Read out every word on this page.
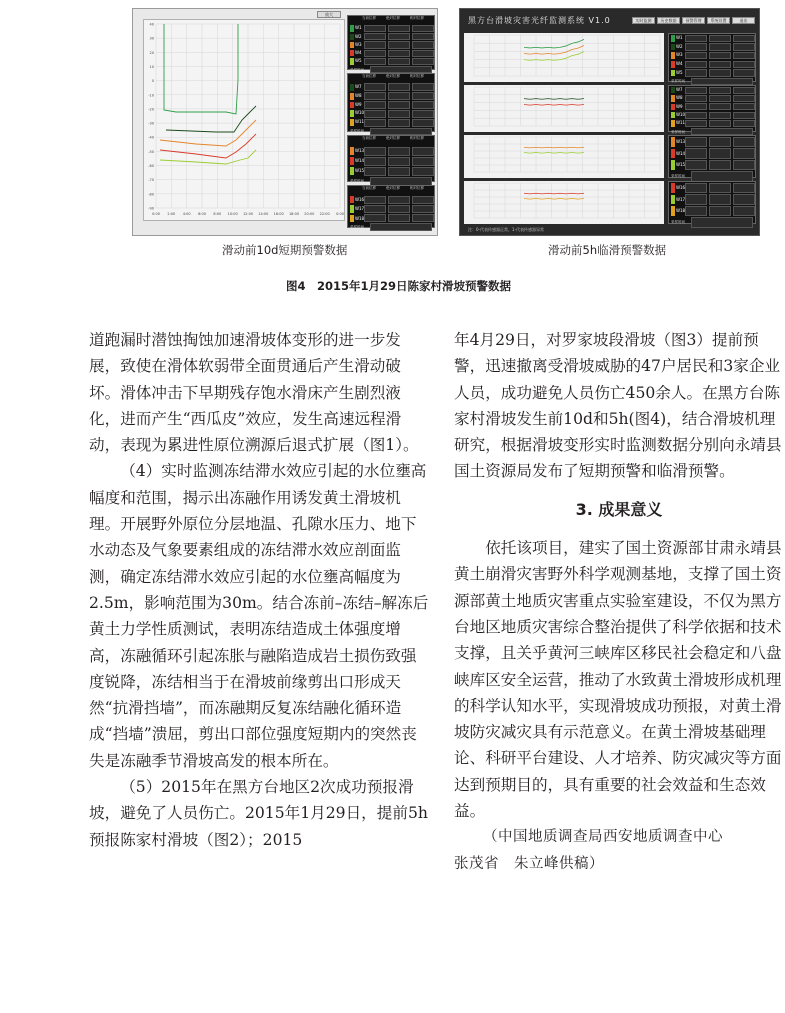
40
30
20
10
0
-10
-20
-30
-40
-50
-60
-70
-80
-90
0:00 2:00 4:00 6:00 8:00 10:00 12:00 14:00 16:00 18:00 20:00 22:00 0:00
放大
当前位移	绝对位移	相对位移
W1
W2
W3
W4
W5
采样时间
当前位移	绝对位移	相对位移
W7
W8
W9
W10
W11
采样时间
当前位移	绝对位移	相对位移
W13
W14
W15
采样时间
当前位移	绝对位移	相对位移
W16
W17
W18
采样时间
滑动前10d短期预警数据
黑方台滑坡灾害光纤监测系统 V1.0	实时监测	历史数据	预警管理	系统设置	退出
W1
W2
W3
W4
W5
采样时间
W7
W8
W9
W10
W11
采样时间
W13
W14
W15
采样时间
W16
W17
W18
采样时间
注：0-代表传感器正常，1-代表传感器异常
滑动前5h临滑预警数据
图4　2015年1月29日陈家村滑坡预警数据

道跑漏时潜蚀掏蚀加速滑坡体变形的进一步发展，致使在滑体软弱带全面贯通后产生滑动破坏。滑体冲击下早期残存饱水滑床产生剧烈液化，进而产生“西瓜皮”效应，发生高速远程滑动，表现为累进性原位溯源后退式扩展（图1）。

（4）实时监测冻结滞水效应引起的水位壅高幅度和范围，揭示出冻融作用诱发黄土滑坡机理。开展野外原位分层地温、孔隙水压力、地下水动态及气象要素组成的冻结滞水效应剖面监测，确定冻结滞水效应引起的水位壅高幅度为2.5m，影响范围为30m。结合冻前–冻结–解冻后黄土力学性质测试，表明冻结造成土体强度增高，冻融循环引起冻胀与融陷造成岩土损伤致强度锐降，冻结相当于在滑坡前缘剪出口形成天然“抗滑挡墙”，而冻融期反复冻结融化循环造成“挡墙”溃屈，剪出口部位强度短期内的突然丧失是冻融季节滑坡高发的根本所在。

（5）2015年在黑方台地区2次成功预报滑坡，避免了人员伤亡。2015年1月29日，提前5h预报陈家村滑坡（图2）；2015

年4月29日，对罗家坡段滑坡（图3）提前预警，迅速撤离受滑坡威胁的47户居民和3家企业人员，成功避免人员伤亡450余人。在黑方台陈家村滑坡发生前10d和5h(图4)，结合滑坡机理研究，根据滑坡变形实时监测数据分别向永靖县国土资源局发布了短期预警和临滑预警。

3. 成果意义

依托该项目，建实了国土资源部甘肃永靖县黄土崩滑灾害野外科学观测基地，支撑了国土资源部黄土地质灾害重点实验室建设，不仅为黑方台地区地质灾害综合整治提供了科学依据和技术支撑，且关乎黄河三峡库区移民社会稳定和八盘峡库区安全运营，推动了水致黄土滑坡形成机理的科学认知水平，实现滑坡成功预报，对黄土滑坡防灾减灾具有示范意义。在黄土滑坡基础理论、科研平台建设、人才培养、防灾减灾等方面达到预期目的，具有重要的社会效益和生态效益。

（中国地质调查局西安地质调查中心

张茂省　朱立峰供稿）
